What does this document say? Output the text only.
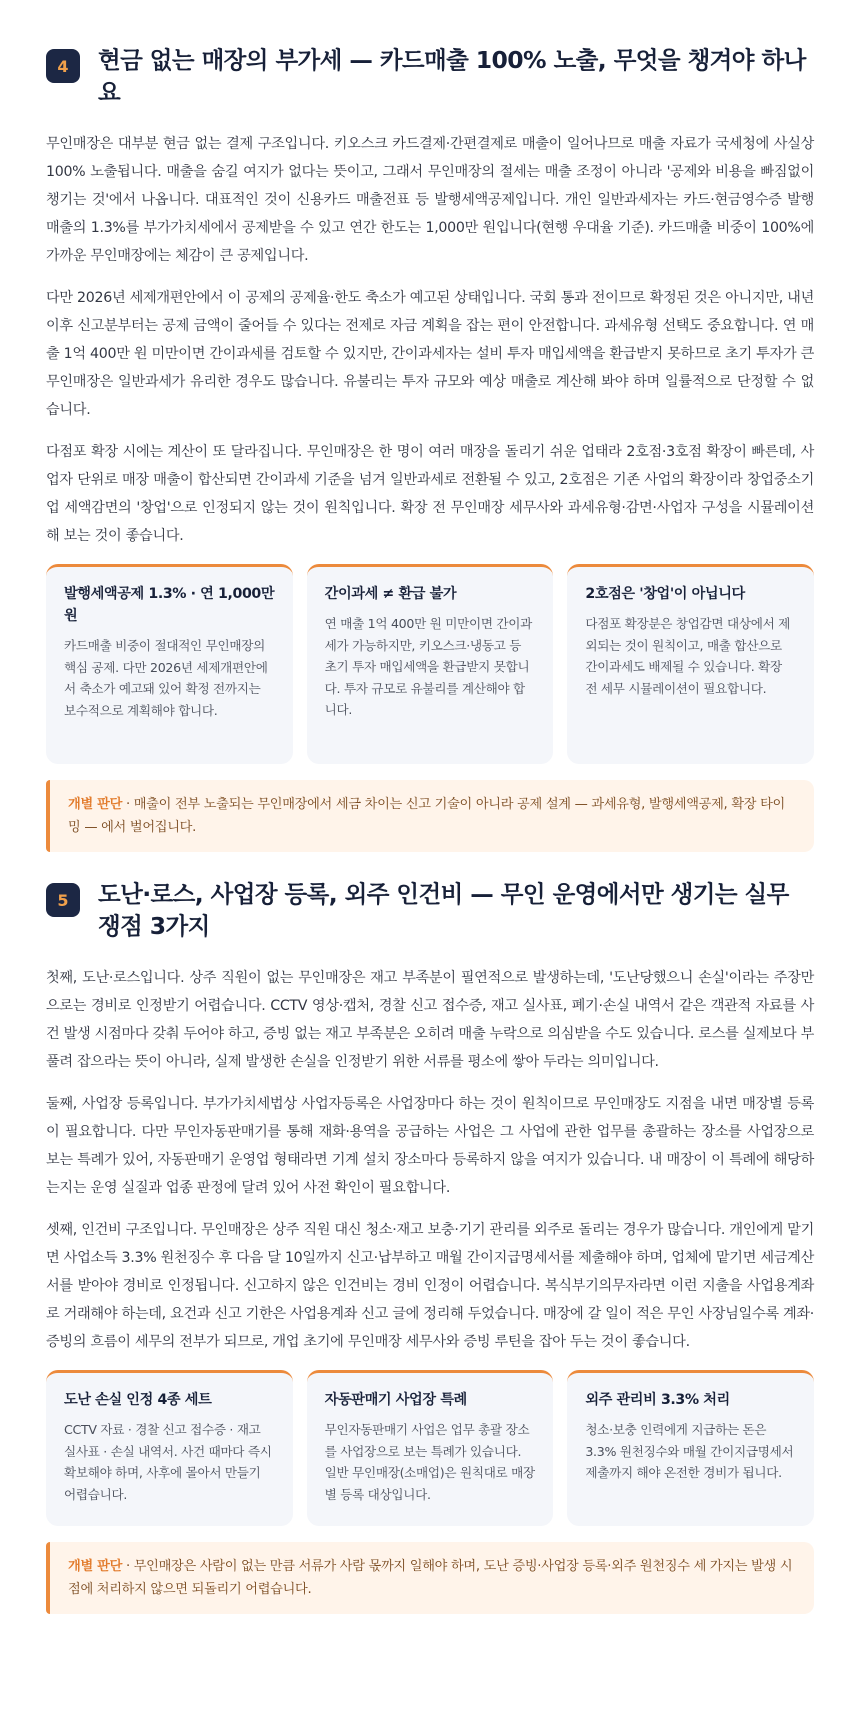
4	현금 없는 매장의 부가세 — 카드매출 100% 노출, 무엇을 챙겨야 하나요

무인매장은 대부분 현금 없는 결제 구조입니다. 키오스크 카드결제·간편결제로 매출이 일어나므로 매출 자료가 국세청에 사실상 100% 노출됩니다. 매출을 숨길 여지가 없다는 뜻이고, 그래서 무인매장의 절세는 매출 조정이 아니라 '공제와 비용을 빠짐없이 챙기는 것'에서 나옵니다. 대표적인 것이 신용카드 매출전표 등 발행세액공제입니다. 개인 일반과세자는 카드·현금영수증 발행 매출의 1.3%를 부가가치세에서 공제받을 수 있고 연간 한도는 1,000만 원입니다(현행 우대율 기준). 카드매출 비중이 100%에 가까운 무인매장에는 체감이 큰 공제입니다.

다만 2026년 세제개편안에서 이 공제의 공제율·한도 축소가 예고된 상태입니다. 국회 통과 전이므로 확정된 것은 아니지만, 내년 이후 신고분부터는 공제 금액이 줄어들 수 있다는 전제로 자금 계획을 잡는 편이 안전합니다. 과세유형 선택도 중요합니다. 연 매출 1억 400만 원 미만이면 간이과세를 검토할 수 있지만, 간이과세자는 설비 투자 매입세액을 환급받지 못하므로 초기 투자가 큰 무인매장은 일반과세가 유리한 경우도 많습니다. 유불리는 투자 규모와 예상 매출로 계산해 봐야 하며 일률적으로 단정할 수 없습니다.

다점포 확장 시에는 계산이 또 달라집니다. 무인매장은 한 명이 여러 매장을 돌리기 쉬운 업태라 2호점·3호점 확장이 빠른데, 사업자 단위로 매장 매출이 합산되면 간이과세 기준을 넘겨 일반과세로 전환될 수 있고, 2호점은 기존 사업의 확장이라 창업중소기업 세액감면의 '창업'으로 인정되지 않는 것이 원칙입니다. 확장 전 무인매장 세무사와 과세유형·감면·사업자 구성을 시뮬레이션해 보는 것이 좋습니다.

발행세액공제 1.3% · 연 1,000만 원
카드매출 비중이 절대적인 무인매장의 핵심 공제. 다만 2026년 세제개편안에서 축소가 예고돼 있어 확정 전까지는 보수적으로 계획해야 합니다.
간이과세 ≠ 환급 불가
연 매출 1억 400만 원 미만이면 간이과세가 가능하지만, 키오스크·냉동고 등 초기 투자 매입세액을 환급받지 못합니다. 투자 규모로 유불리를 계산해야 합니다.
2호점은 '창업'이 아닙니다
다점포 확장분은 창업감면 대상에서 제외되는 것이 원칙이고, 매출 합산으로 간이과세도 배제될 수 있습니다. 확장 전 세무 시뮬레이션이 필요합니다.
개별 판단 · 매출이 전부 노출되는 무인매장에서 세금 차이는 신고 기술이 아니라 공제 설계 — 과세유형, 발행세액공제, 확장 타이밍 — 에서 벌어집니다.
5	도난·로스, 사업장 등록, 외주 인건비 — 무인 운영에서만 생기는 실무 쟁점 3가지

첫째, 도난·로스입니다. 상주 직원이 없는 무인매장은 재고 부족분이 필연적으로 발생하는데, '도난당했으니 손실'이라는 주장만으로는 경비로 인정받기 어렵습니다. CCTV 영상·캡처, 경찰 신고 접수증, 재고 실사표, 폐기·손실 내역서 같은 객관적 자료를 사건 발생 시점마다 갖춰 두어야 하고, 증빙 없는 재고 부족분은 오히려 매출 누락으로 의심받을 수도 있습니다. 로스를 실제보다 부풀려 잡으라는 뜻이 아니라, 실제 발생한 손실을 인정받기 위한 서류를 평소에 쌓아 두라는 의미입니다.

둘째, 사업장 등록입니다. 부가가치세법상 사업자등록은 사업장마다 하는 것이 원칙이므로 무인매장도 지점을 내면 매장별 등록이 필요합니다. 다만 무인자동판매기를 통해 재화·용역을 공급하는 사업은 그 사업에 관한 업무를 총괄하는 장소를 사업장으로 보는 특례가 있어, 자동판매기 운영업 형태라면 기계 설치 장소마다 등록하지 않을 여지가 있습니다. 내 매장이 이 특례에 해당하는지는 운영 실질과 업종 판정에 달려 있어 사전 확인이 필요합니다.

셋째, 인건비 구조입니다. 무인매장은 상주 직원 대신 청소·재고 보충·기기 관리를 외주로 돌리는 경우가 많습니다. 개인에게 맡기면 사업소득 3.3% 원천징수 후 다음 달 10일까지 신고·납부하고 매월 간이지급명세서를 제출해야 하며, 업체에 맡기면 세금계산서를 받아야 경비로 인정됩니다. 신고하지 않은 인건비는 경비 인정이 어렵습니다. 복식부기의무자라면 이런 지출을 사업용계좌로 거래해야 하는데, 요건과 신고 기한은 사업용계좌 신고 글에 정리해 두었습니다. 매장에 갈 일이 적은 무인 사장님일수록 계좌·증빙의 흐름이 세무의 전부가 되므로, 개업 초기에 무인매장 세무사와 증빙 루틴을 잡아 두는 것이 좋습니다.

도난 손실 인정 4종 세트
CCTV 자료 · 경찰 신고 접수증 · 재고 실사표 · 손실 내역서. 사건 때마다 즉시 확보해야 하며, 사후에 몰아서 만들기 어렵습니다.
자동판매기 사업장 특례
무인자동판매기 사업은 업무 총괄 장소를 사업장으로 보는 특례가 있습니다. 일반 무인매장(소매업)은 원칙대로 매장별 등록 대상입니다.
외주 관리비 3.3% 처리
청소·보충 인력에게 지급하는 돈은 3.3% 원천징수와 매월 간이지급명세서 제출까지 해야 온전한 경비가 됩니다.
개별 판단 · 무인매장은 사람이 없는 만큼 서류가 사람 몫까지 일해야 하며, 도난 증빙·사업장 등록·외주 원천징수 세 가지는 발생 시점에 처리하지 않으면 되돌리기 어렵습니다.
